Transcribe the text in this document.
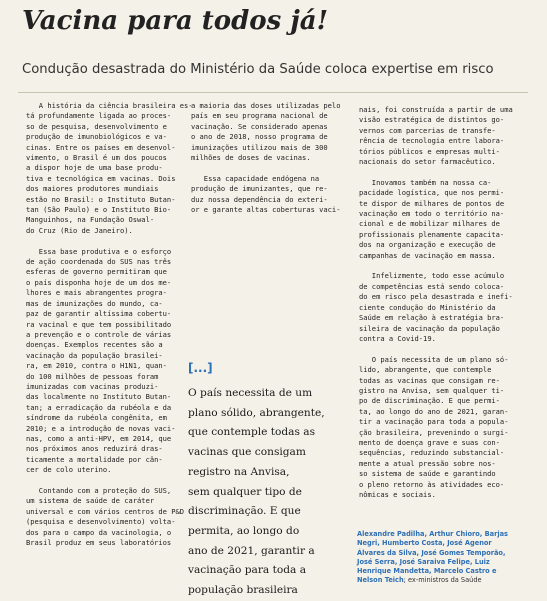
Vacina para todos já!

Condução desastrada do Ministério da Saúde coloca expertise em risco

A história da ciência brasileira es-

tá profundamente ligada ao proces-

so de pesquisa, desenvolvimento e

produção de imunobiológicos e va-

cinas. Entre os países em desenvol-

vimento, o Brasil é um dos poucos

a dispor hoje de uma base produ-

tiva e tecnológica em vacinas. Dois

dos maiores produtores mundiais

estão no Brasil: o Instituto Butan-

tan (São Paulo) e o Instituto Bio-

Manguinhos, na Fundação Oswal-

do Cruz (Rio de Janeiro).

Essa base produtiva e o esforço

de ação coordenada do SUS nas três

esferas de governo permitiram que

o país disponha hoje de um dos me-

lhores e mais abrangentes progra-

mas de imunizações do mundo, ca-

paz de garantir altíssima cobertu-

ra vacinal e que tem possibilitado

a prevenção e o controle de várias

doenças. Exemplos recentes são a

vacinação da população brasilei-

ra, em 2010, contra o H1N1, quan-

do 100 milhões de pessoas foram

imunizadas com vacinas produzi-

das localmente no Instituto Butan-

tan; a erradicação da rubéola e da

síndrome da rubéola congênita, em

2010; e a introdução de novas vaci-

nas, como a anti-HPV, em 2014, que

nos próximos anos reduzirá dras-

ticamente a mortalidade por cân-

cer de colo uterino.

Contando com a proteção do SUS,

um sistema de saúde de caráter

universal e com vários centros de P&D

(pesquisa e desenvolvimento) volta-

dos para o campo da vacinologia, o

Brasil produz em seus laboratórios

a maioria das doses utilizadas pelo

país em seu programa nacional de

vacinação. Se considerado apenas

o ano de 2018, nosso programa de

imunizações utilizou mais de 300

milhões de doses de vacinas.

Essa capacidade endógena na

produção de imunizantes, que re-

duz nossa dependência do exteri-

or e garante altas coberturas vaci-

nais, foi construída a partir de uma

visão estratégica de distintos go-

vernos com parcerias de transfe-

rência de tecnologia entre labora-

tórios públicos e empresas multi-

nacionais do setor farmacêutico.

Inovamos também na nossa ca-

pacidade logística, que nos permi-

te dispor de milhares de pontos de

vacinação em todo o território na-

cional e de mobilizar milhares de

profissionais plenamente capacita-

dos na organização e execução de

campanhas de vacinação em massa.

Infelizmente, todo esse acúmulo

de competências está sendo coloca-

do em risco pela desastrada e inefi-

ciente condução do Ministério da

Saúde em relação à estratégia bra-

sileira de vacinação da população

contra a Covid-19.

O país necessita de um plano só-

lido, abrangente, que contemple

todas as vacinas que consigam re-

gistro na Anvisa, sem qualquer ti-

po de discriminação. E que permi-

ta, ao longo do ano de 2021, garan-

tir a vacinação para toda a popula-

ção brasileira, prevenindo o surgi-

mento de doença grave e suas con-

sequências, reduzindo substancial-

mente a atual pressão sobre nos-

so sistema de saúde e garantindo

o pleno retorno às atividades eco-

nômicas e sociais.

[...]

O país necessita de um

plano sólido, abrangente,

que contemple todas as

vacinas que consigam

registro na Anvisa,

sem qualquer tipo de

discriminação. E que

permita, ao longo do

ano de 2021, garantir a

vacinação para toda a

população brasileira

Alexandre Padilha, Arthur Chioro, Barjas

Negri, Humberto Costa, José Agenor

Álvares da Silva, José Gomes Temporão,

José Serra, José Saraiva Felipe, Luiz

Henrique Mandetta, Marcelo Castro e

Nelson Teich; ex-ministros da Saúde
